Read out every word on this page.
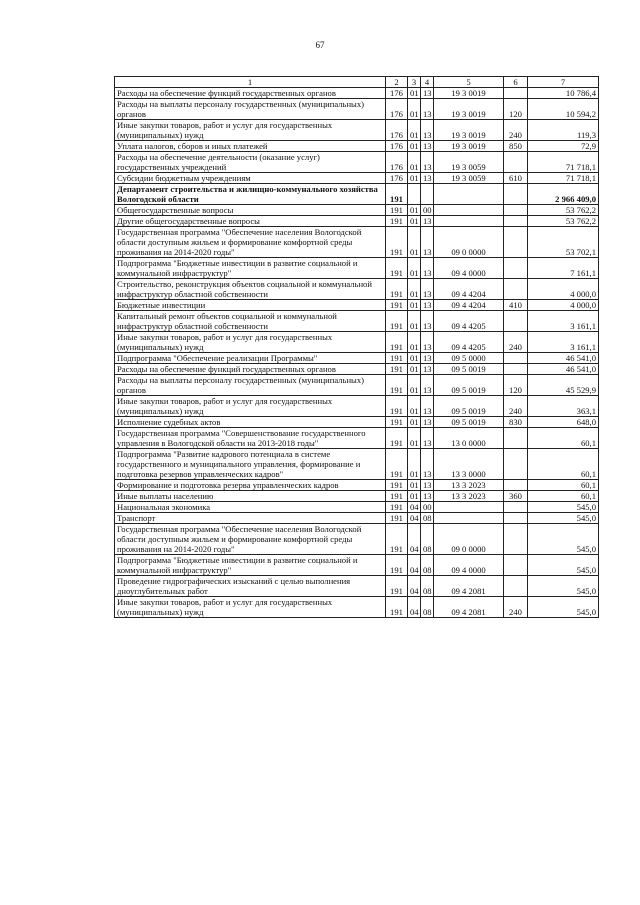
67
1	2	3	4	5	6	7
Расходы на обеспечение функций государственных органов	176	01	13	19 3 0019		10 786,4
Расходы на выплаты персоналу государственных (муниципальных) органов	176	01	13	19 3 0019	120	10 594,2
Иные закупки товаров, работ и услуг для государственных (муниципальных) нужд	176	01	13	19 3 0019	240	119,3
Уплата налогов, сборов и иных платежей	176	01	13	19 3 0019	850	72,9
Расходы на обеспечение деятельности (оказание услуг) государственных учреждений	176	01	13	19 3 0059		71 718,1
Субсидии бюджетным учреждениям	176	01	13	19 3 0059	610	71 718,1
Департамент строительства и жилищно-коммунального хозяйства Вологодской области	191					2 966 409,0
Общегосударственные вопросы	191	01	00			53 762,2
Другие общегосударственные вопросы	191	01	13			53 762,2
Государственная программа "Обеспечение населения Вологодской области доступным жильем и формирование комфортной среды проживания на 2014-2020 годы"	191	01	13	09 0 0000		53 702,1
Подпрограмма "Бюджетные инвестиции в развитие социальной и коммунальной инфраструктур"	191	01	13	09 4 0000		7 161,1
Строительство, реконструкция объектов социальной и коммунальной инфраструктур областной собственности	191	01	13	09 4 4204		4 000,0
Бюджетные инвестиции	191	01	13	09 4 4204	410	4 000,0
Капитальный ремонт объектов социальной и коммунальной инфраструктур областной собственности	191	01	13	09 4 4205		3 161,1
Иные закупки товаров, работ и услуг для государственных (муниципальных) нужд	191	01	13	09 4 4205	240	3 161,1
Подпрограмма "Обеспечение реализации Программы"	191	01	13	09 5 0000		46 541,0
Расходы на обеспечение функций государственных органов	191	01	13	09 5 0019		46 541,0
Расходы на выплаты персоналу государственных (муниципальных) органов	191	01	13	09 5 0019	120	45 529,9
Иные закупки товаров, работ и услуг для государственных (муниципальных) нужд	191	01	13	09 5 0019	240	363,1
Исполнение судебных актов	191	01	13	09 5 0019	830	648,0
Государственная программа "Совершенствование государственного управления в Вологодской области на 2013-2018 годы"	191	01	13	13 0 0000		60,1
Подпрограмма "Развитие кадрового потенциала в системе государственного и муниципального управления, формирование и подготовка резервов управленческих кадров"	191	01	13	13 3 0000		60,1
Формирование и подготовка резерва управленческих кадров	191	01	13	13 3 2023		60,1
Иные выплаты населению	191	01	13	13 3 2023	360	60,1
Национальная экономика	191	04	00			545,0
Транспорт	191	04	08			545,0
Государственная программа "Обеспечение населения Вологодской области доступным жильем и формирование комфортной среды проживания на 2014-2020 годы"	191	04	08	09 0 0000		545,0
Подпрограмма "Бюджетные инвестиции в развитие социальной и коммунальной инфраструктур"	191	04	08	09 4 0000		545,0
Проведение гидрографических изысканий с целью выполнения дноуглубительных работ	191	04	08	09 4 2081		545,0
Иные закупки товаров, работ и услуг для государственных (муниципальных) нужд	191	04	08	09 4 2081	240	545,0
